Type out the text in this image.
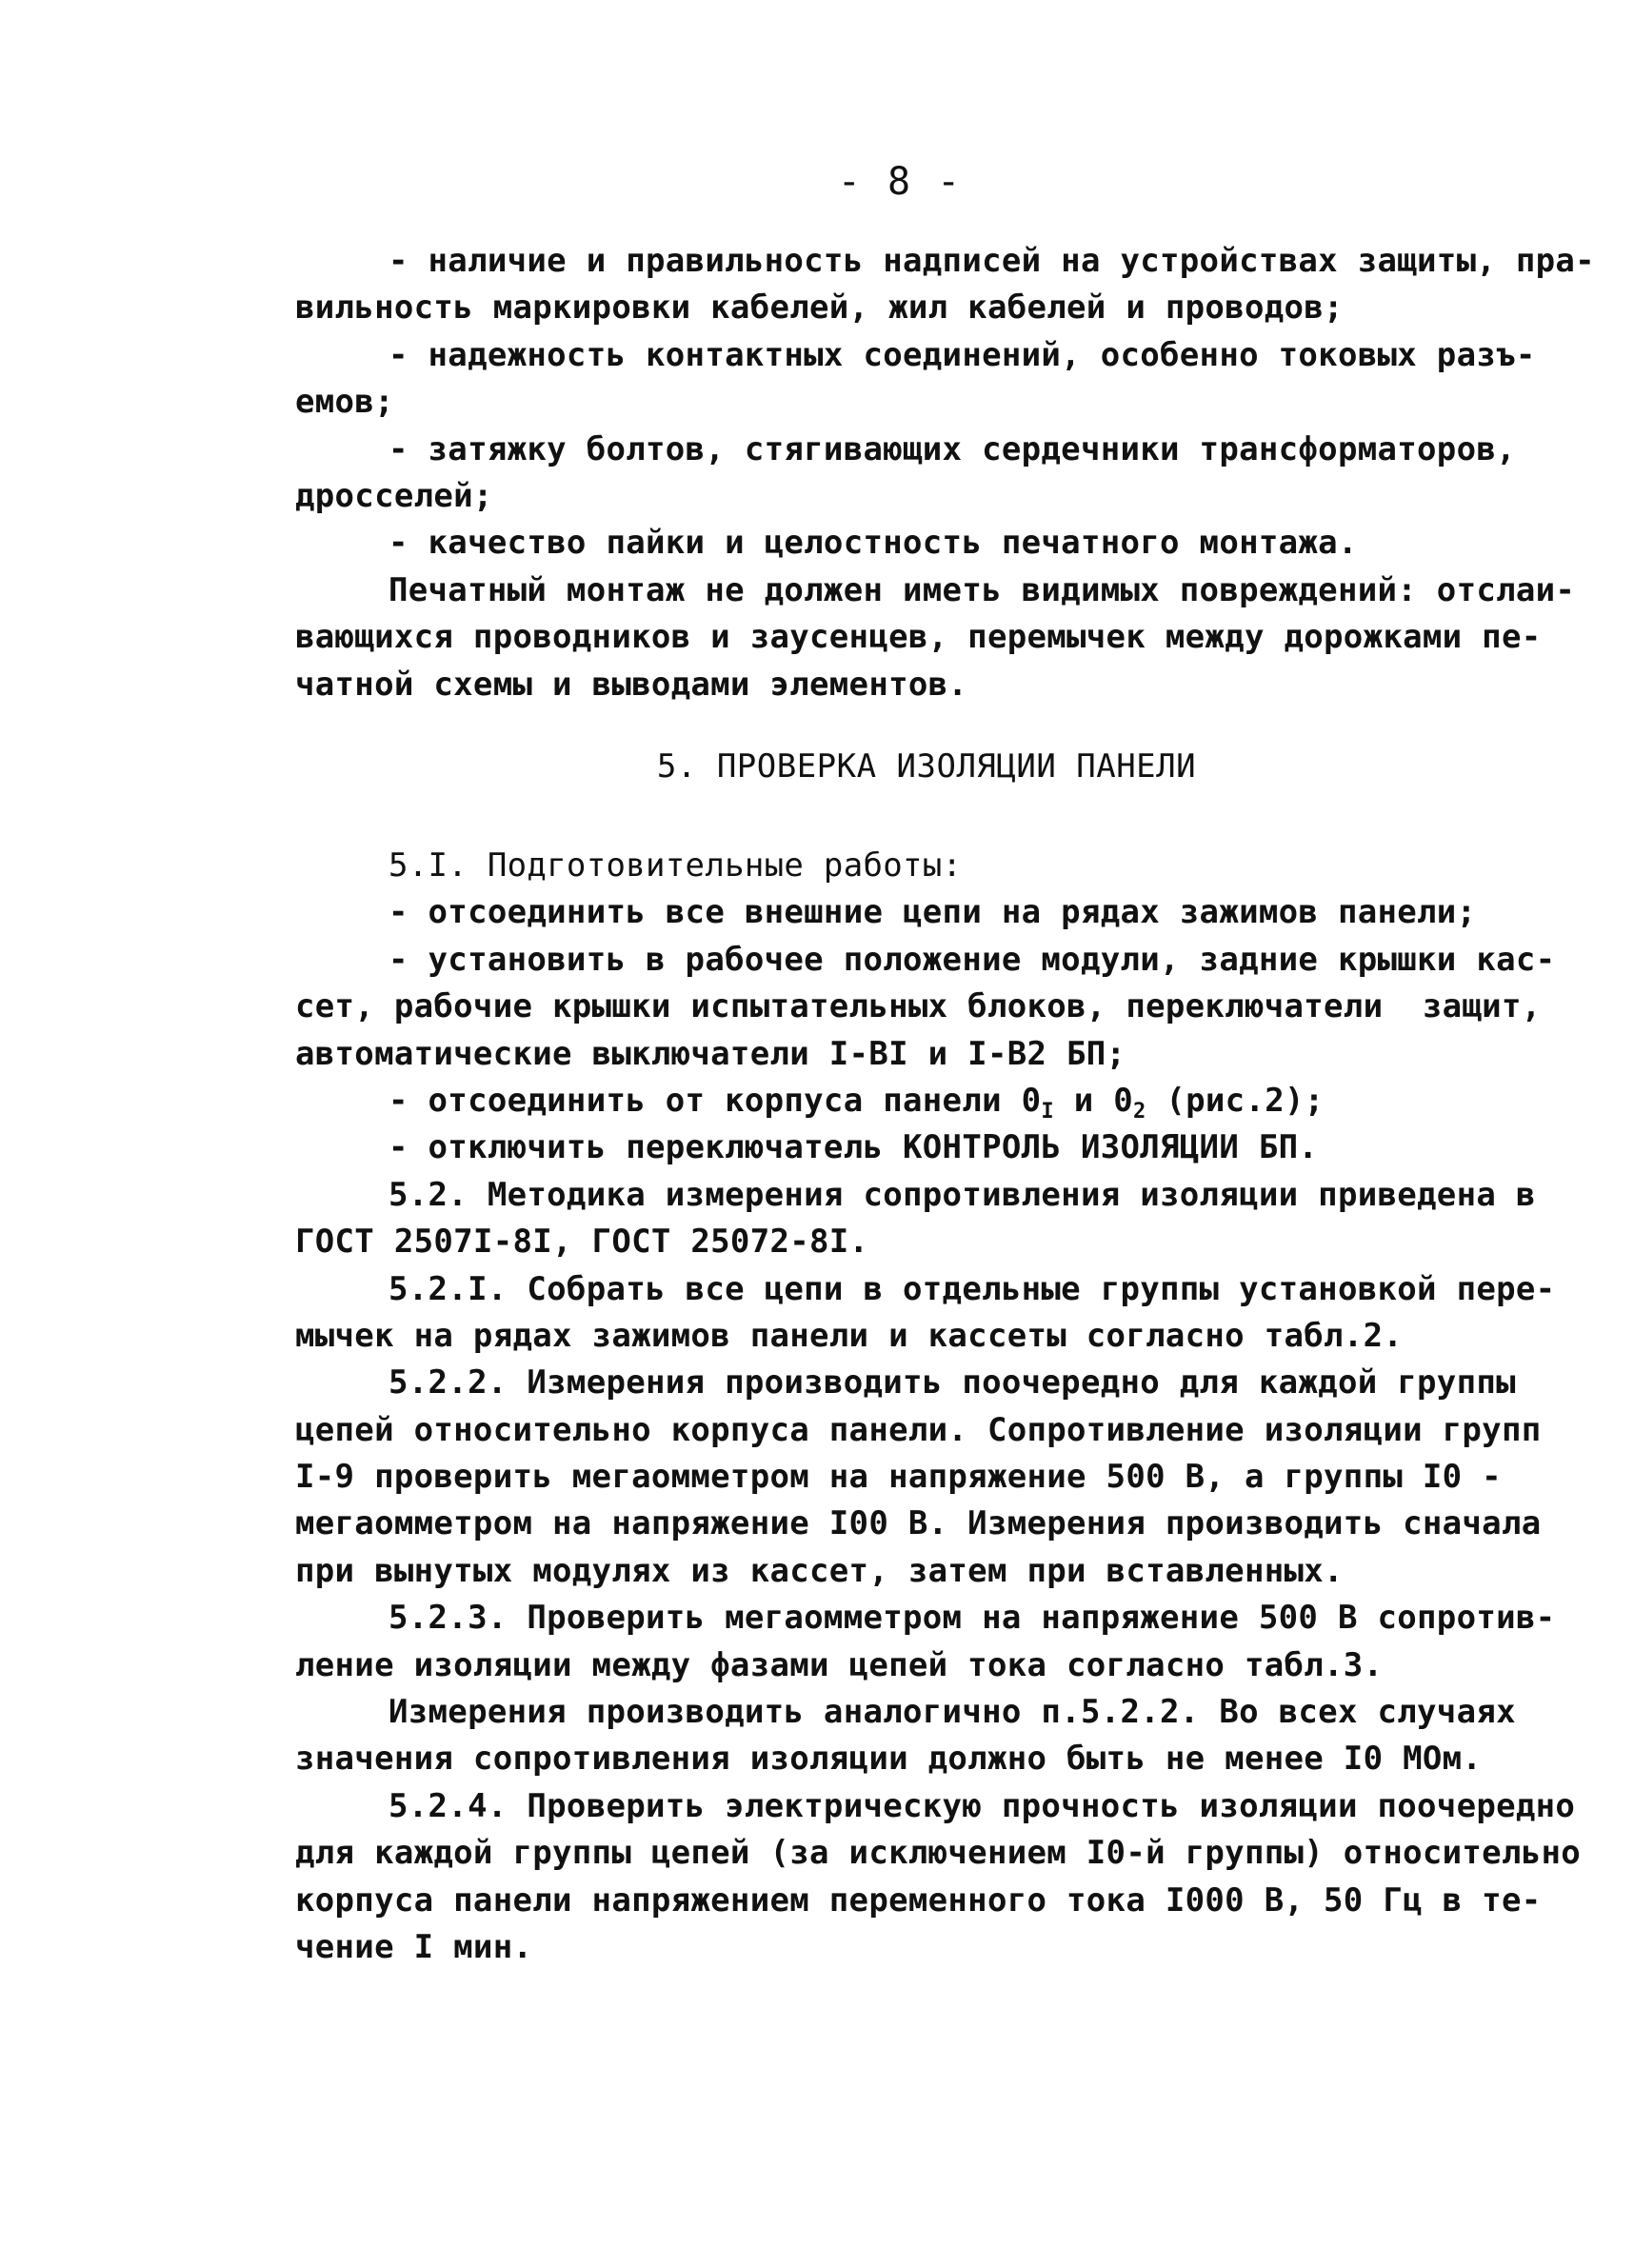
- 8 -
- наличие и правильность надписей на устройствах защиты, пра-
вильность маркировки кабелей, жил кабелей и проводов;
- надежность контактных соединений, особенно токовых разъ-
емов;
- затяжку болтов, стягивающих сердечники трансформаторов,
дросселей;
- качество пайки и целостность печатного монтажа.
Печатный монтаж не должен иметь видимых повреждений: отслаи-
вающихся проводников и заусенцев, перемычек между дорожками пе-
чатной схемы и выводами элементов.
5. ПРОВЕРКА ИЗОЛЯЦИИ ПАНЕЛИ
5.I. Подготовительные работы:
- отсоединить все внешние цепи на рядах зажимов панели;
- установить в рабочее положение модули, задние крышки кас-
сет, рабочие крышки испытательных блоков, переключатели  защит,
автоматические выключатели I-BI и I-B2 БП;
- отсоединить от корпуса панели $0_I$ и $0_2$ (рис.2);
- отключить переключатель КОНТРОЛЬ ИЗОЛЯЦИИ БП.
5.2. Методика измерения сопротивления изоляции приведена в
ГОСТ 2507I-8I, ГОСТ 25072-8I.
5.2.I. Собрать все цепи в отдельные группы установкой пере-
мычек на рядах зажимов панели и кассеты согласно табл.2.
5.2.2. Измерения производить поочередно для каждой группы
цепей относительно корпуса панели. Сопротивление изоляции групп
I-9 проверить мегаомметром на напряжение 500 В, а группы I0 -
мегаомметром на напряжение I00 В. Измерения производить сначала
при вынутых модулях из кассет, затем при вставленных.
5.2.3. Проверить мегаомметром на напряжение 500 В сопротив-
ление изоляции между фазами цепей тока согласно табл.3.
Измерения производить аналогично п.5.2.2. Во всех случаях
значения сопротивления изоляции должно быть не менее I0 МОм.
5.2.4. Проверить электрическую прочность изоляции поочередно
для каждой группы цепей (за исключением I0-й группы) относительно
корпуса панели напряжением переменного тока I000 В, 50 Гц в те-
чение I мин.
